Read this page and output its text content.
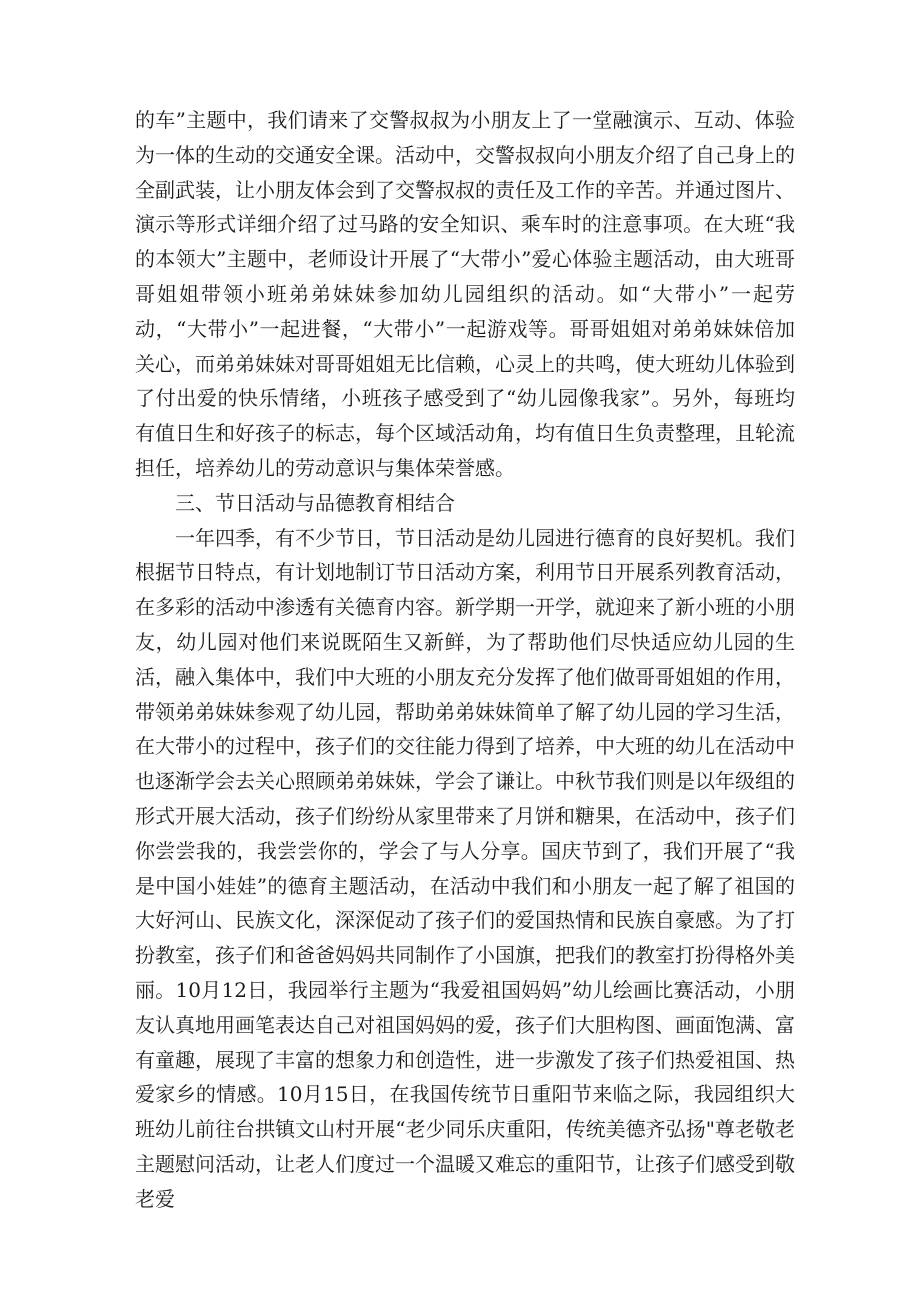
的车”主题中，我们请来了交警叔叔为小朋友上了一堂融演示、互动、体验为一体的生动的交通安全课。活动中，交警叔叔向小朋友介绍了自己身上的全副武装，让小朋友体会到了交警叔叔的责任及工作的辛苦。并通过图片、演示等形式详细介绍了过马路的安全知识、乘车时的注意事项。在大班“我的本领大”主题中，老师设计开展了“大带小”爱心体验主题活动，由大班哥哥姐姐带领小班弟弟妹妹参加幼儿园组织的活动。如“大带小”一起劳动，“大带小”一起进餐，“大带小”一起游戏等。哥哥姐姐对弟弟妹妹倍加关心，而弟弟妹妹对哥哥姐姐无比信赖，心灵上的共鸣，使大班幼儿体验到了付出爱的快乐情绪，小班孩子感受到了“幼儿园像我家”。另外，每班均有值日生和好孩子的标志，每个区域活动角，均有值日生负责整理，且轮流担任，培养幼儿的劳动意识与集体荣誉感。

三、节日活动与品德教育相结合

一年四季，有不少节日，节日活动是幼儿园进行德育的良好契机。我们根据节日特点，有计划地制订节日活动方案，利用节日开展系列教育活动，在多彩的活动中渗透有关德育内容。新学期一开学，就迎来了新小班的小朋友，幼儿园对他们来说既陌生又新鲜，为了帮助他们尽快适应幼儿园的生活，融入集体中，我们中大班的小朋友充分发挥了他们做哥哥姐姐的作用，带领弟弟妹妹参观了幼儿园，帮助弟弟妹妹简单了解了幼儿园的学习生活，在大带小的过程中，孩子们的交往能力得到了培养，中大班的幼儿在活动中也逐渐学会去关心照顾弟弟妹妹，学会了谦让。中秋节我们则是以年级组的形式开展大活动，孩子们纷纷从家里带来了月饼和糖果，在活动中，孩子们你尝尝我的，我尝尝你的，学会了与人分享。国庆节到了，我们开展了“我是中国小娃娃”的德育主题活动，在活动中我们和小朋友一起了解了祖国的大好河山、民族文化，深深促动了孩子们的爱国热情和民族自豪感。为了打扮教室，孩子们和爸爸妈妈共同制作了小国旗，把我们的教室打扮得格外美丽。10月12日，我园举行主题为“我爱祖国妈妈”幼儿绘画比赛活动，小朋友认真地用画笔表达自己对祖国妈妈的爱，孩子们大胆构图、画面饱满、富有童趣，展现了丰富的想象力和创造性，进一步激发了孩子们热爱祖国、热爱家乡的情感。10月15日，在我国传统节日重阳节来临之际，我园组织大班幼儿前往台拱镇文山村开展“老少同乐庆重阳，传统美德齐弘扬"尊老敬老主题慰问活动，让老人们度过一个温暖又难忘的重阳节，让孩子们感受到敬老爱
